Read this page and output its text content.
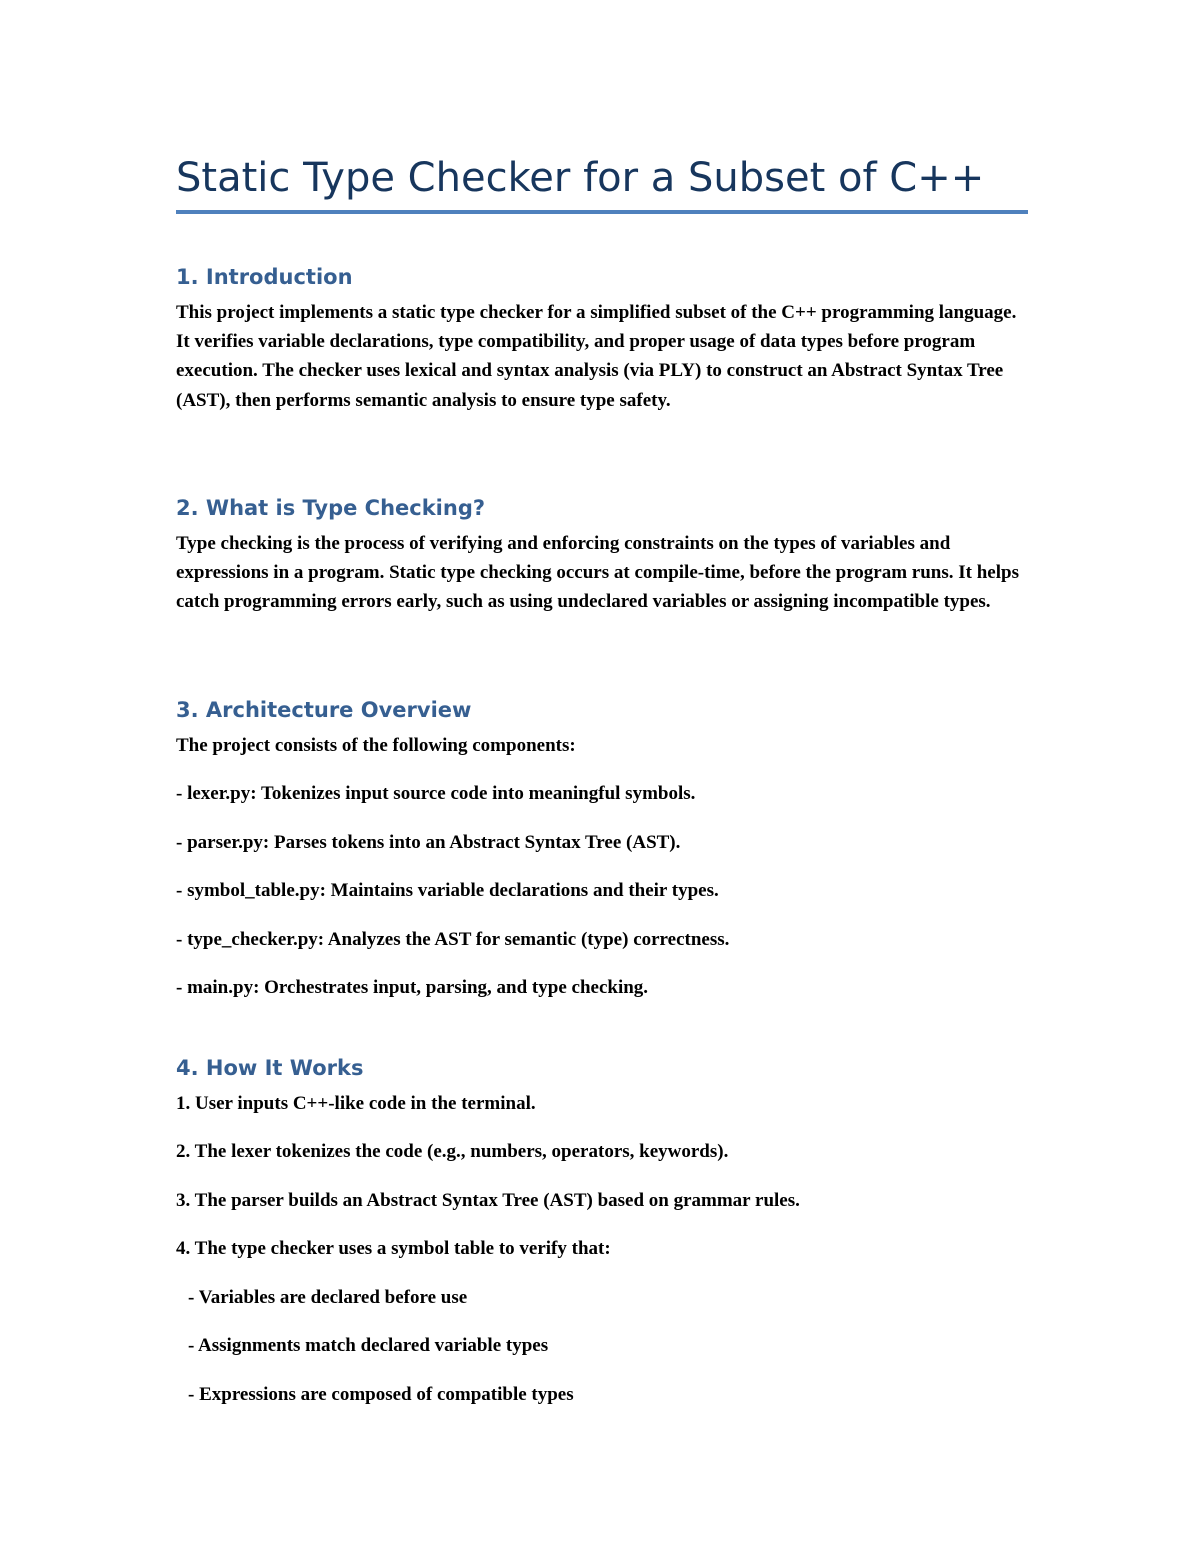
Static Type Checker for a Subset of C++
1. Introduction

This project implements a static type checker for a simplified subset of the C++ programming language. It verifies variable declarations, type compatibility, and proper usage of data types before program execution. The checker uses lexical and syntax analysis (via PLY) to construct an Abstract Syntax Tree (AST), then performs semantic analysis to ensure type safety.

2. What is Type Checking?

Type checking is the process of verifying and enforcing constraints on the types of variables and expressions in a program. Static type checking occurs at compile-time, before the program runs. It helps catch programming errors early, such as using undeclared variables or assigning incompatible types.

3. Architecture Overview

The project consists of the following components:

- lexer.py: Tokenizes input source code into meaningful symbols.

- parser.py: Parses tokens into an Abstract Syntax Tree (AST).

- symbol_table.py: Maintains variable declarations and their types.

- type_checker.py: Analyzes the AST for semantic (type) correctness.

- main.py: Orchestrates input, parsing, and type checking.

4. How It Works

1. User inputs C++-like code in the terminal.

2. The lexer tokenizes the code (e.g., numbers, operators, keywords).

3. The parser builds an Abstract Syntax Tree (AST) based on grammar rules.

4. The type checker uses a symbol table to verify that:

- Variables are declared before use

- Assignments match declared variable types

- Expressions are composed of compatible types
